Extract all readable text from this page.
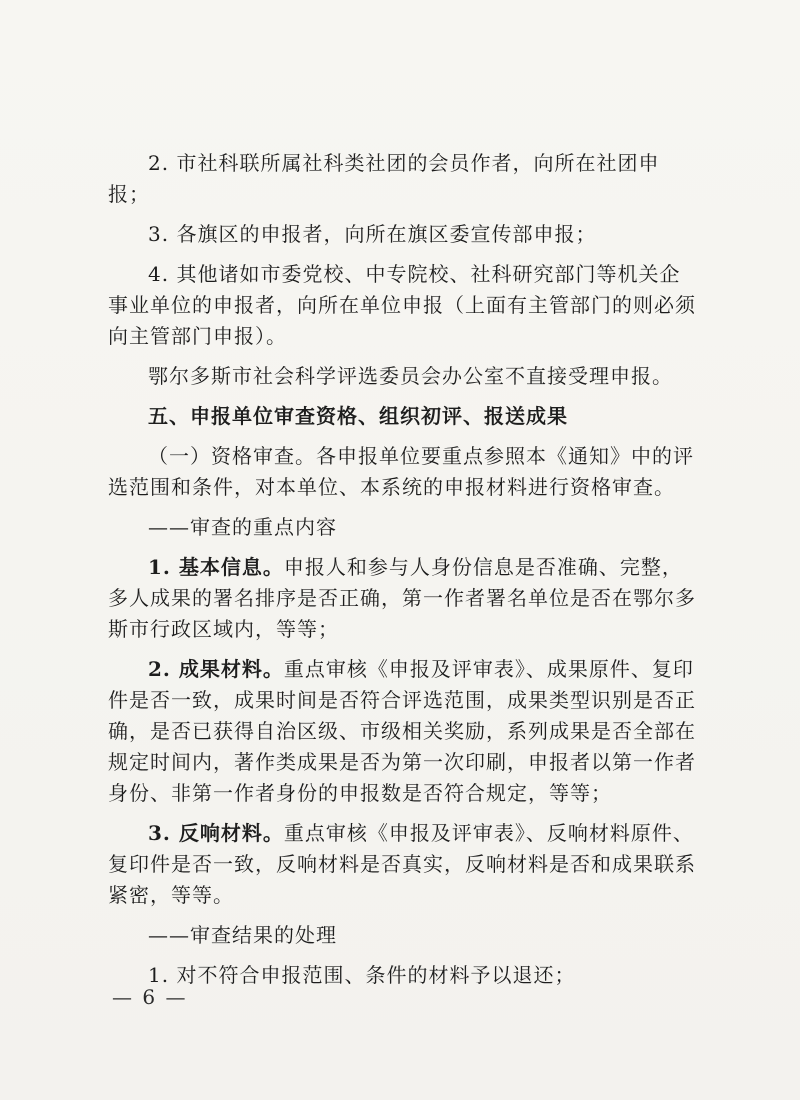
2. 市社科联所属社科类社团的会员作者，向所在社团申报；

3. 各旗区的申报者，向所在旗区委宣传部申报；

4. 其他诸如市委党校、中专院校、社科研究部门等机关企事业单位的申报者，向所在单位申报（上面有主管部门的则必须向主管部门申报）。

鄂尔多斯市社会科学评选委员会办公室不直接受理申报。

五、申报单位审查资格、组织初评、报送成果

（一）资格审查。各申报单位要重点参照本《通知》中的评选范围和条件，对本单位、本系统的申报材料进行资格审查。

——审查的重点内容

1. 基本信息。申报人和参与人身份信息是否准确、完整，多人成果的署名排序是否正确，第一作者署名单位是否在鄂尔多斯市行政区域内，等等；

2. 成果材料。重点审核《申报及评审表》、成果原件、复印件是否一致，成果时间是否符合评选范围，成果类型识别是否正确，是否已获得自治区级、市级相关奖励，系列成果是否全部在规定时间内，著作类成果是否为第一次印刷，申报者以第一作者身份、非第一作者身份的申报数是否符合规定，等等；

3. 反响材料。重点审核《申报及评审表》、反响材料原件、复印件是否一致，反响材料是否真实，反响材料是否和成果联系紧密，等等。

——审查结果的处理

1. 对不符合申报范围、条件的材料予以退还；

— 6 —
